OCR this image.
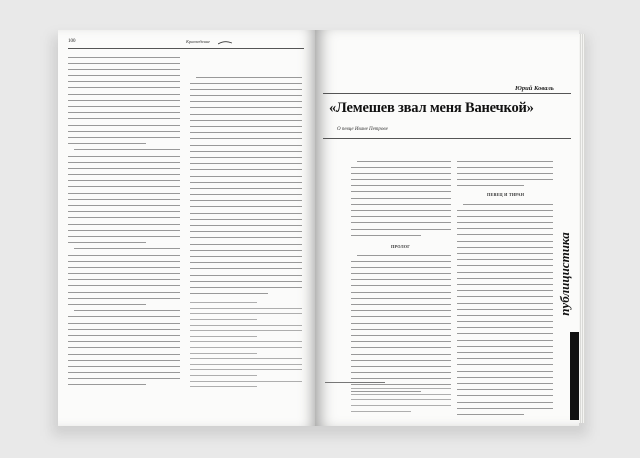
100	Краеведение
Юрий Коваль
«Лемешев звал меня Ванечкой»
О певце Иване Петрове
ПРОЛОГ
ПЕВЕЦ И ТИРАН
публицистика
